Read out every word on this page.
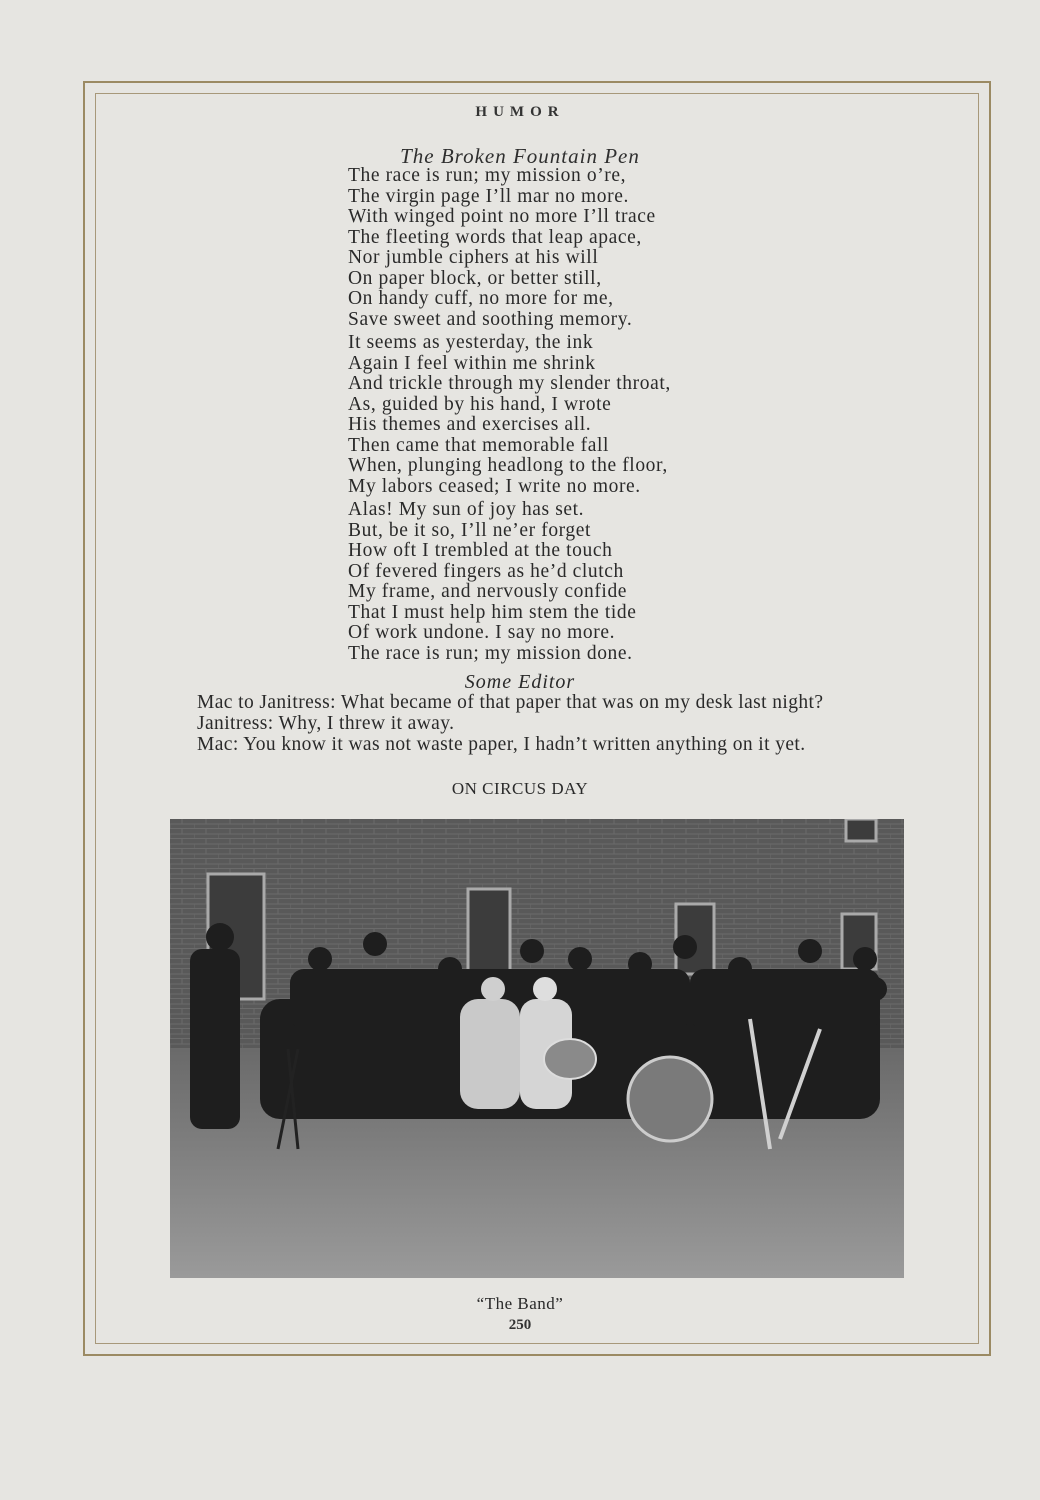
HUMOR
The Broken Fountain Pen
The race is run; my mission o’re,
The virgin page I’ll mar no more.
With winged point no more I’ll trace
The fleeting words that leap apace,
Nor jumble ciphers at his will
On paper block, or better still,
On handy cuff, no more for me,
Save sweet and soothing memory.
It seems as yesterday, the ink
Again I feel within me shrink
And trickle through my slender throat,
As, guided by his hand, I wrote
His themes and exercises all.
Then came that memorable fall
When, plunging headlong to the floor,
My labors ceased; I write no more.
Alas! My sun of joy has set.
But, be it so, I’ll ne’er forget
How oft I trembled at the touch
Of fevered fingers as he’d clutch
My frame, and nervously confide
That I must help him stem the tide
Of work undone. I say no more.
The race is run; my mission done.
Some Editor
Mac to Janitress: What became of that paper that was on my desk last night?
Janitress: Why, I threw it away.
Mac: You know it was not waste paper, I hadn’t written anything on it yet.
ON CIRCUS DAY
“The Band”
250
